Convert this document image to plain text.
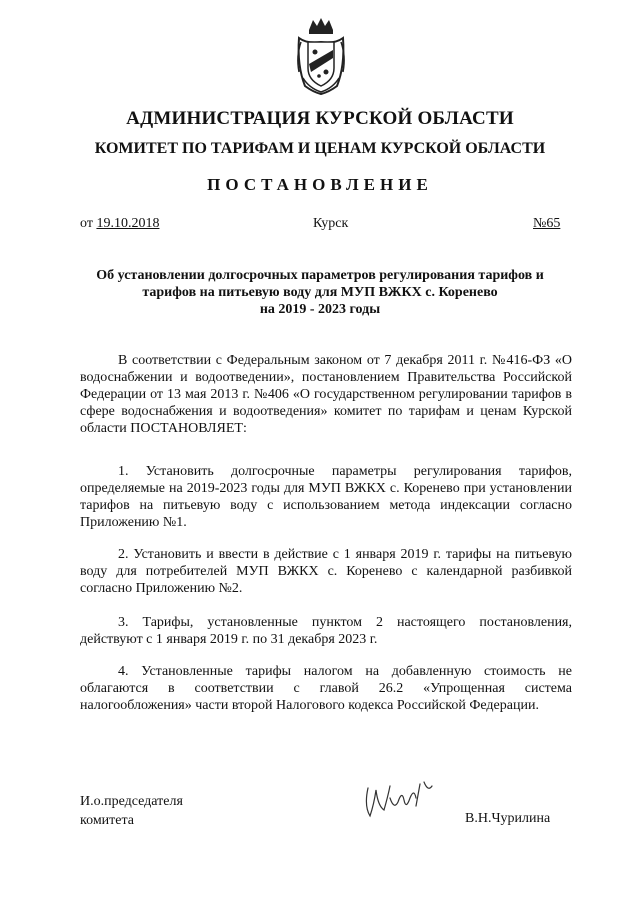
АДМИНИСТРАЦИЯ КУРСКОЙ ОБЛАСТИ
КОМИТЕТ ПО ТАРИФАМ И ЦЕНАМ КУРСКОЙ ОБЛАСТИ
ПОСТАНОВЛЕНИЕ
от 19.10.2018	Курск	№65
Об установлении долгосрочных параметров регулирования тарифов и
тарифов на питьевую воду для МУП ВЖКХ с. Коренево
на 2019 - 2023 годы
В соответствии с Федеральным законом от 7 декабря 2011 г. №416-ФЗ «О водоснабжении и водоотведении», постановлением Правительства Российской Федерации от 13 мая 2013 г. №406 «О государственном регулировании тарифов в сфере водоснабжения и водоотведения» комитет по тарифам и ценам Курской области ПОСТАНОВЛЯЕТ:
1. Установить долгосрочные параметры регулирования тарифов, определяемые на 2019-2023 годы для МУП ВЖКХ с. Коренево при установлении тарифов на питьевую воду с использованием метода индексации согласно Приложению №1.
2. Установить и ввести в действие с 1 января 2019 г. тарифы на питьевую воду для потребителей МУП ВЖКХ с. Коренево с календарной разбивкой согласно Приложению №2.
3. Тарифы, установленные пунктом 2 настоящего постановления, действуют с 1 января 2019 г. по 31 декабря 2023 г.
4. Установленные тарифы налогом на добавленную стоимость не облагаются в соответствии с главой 26.2 «Упрощенная система налогообложения» части второй Налогового кодекса Российской Федерации.
И.о.председателя
комитета	В.Н.Чурилина
